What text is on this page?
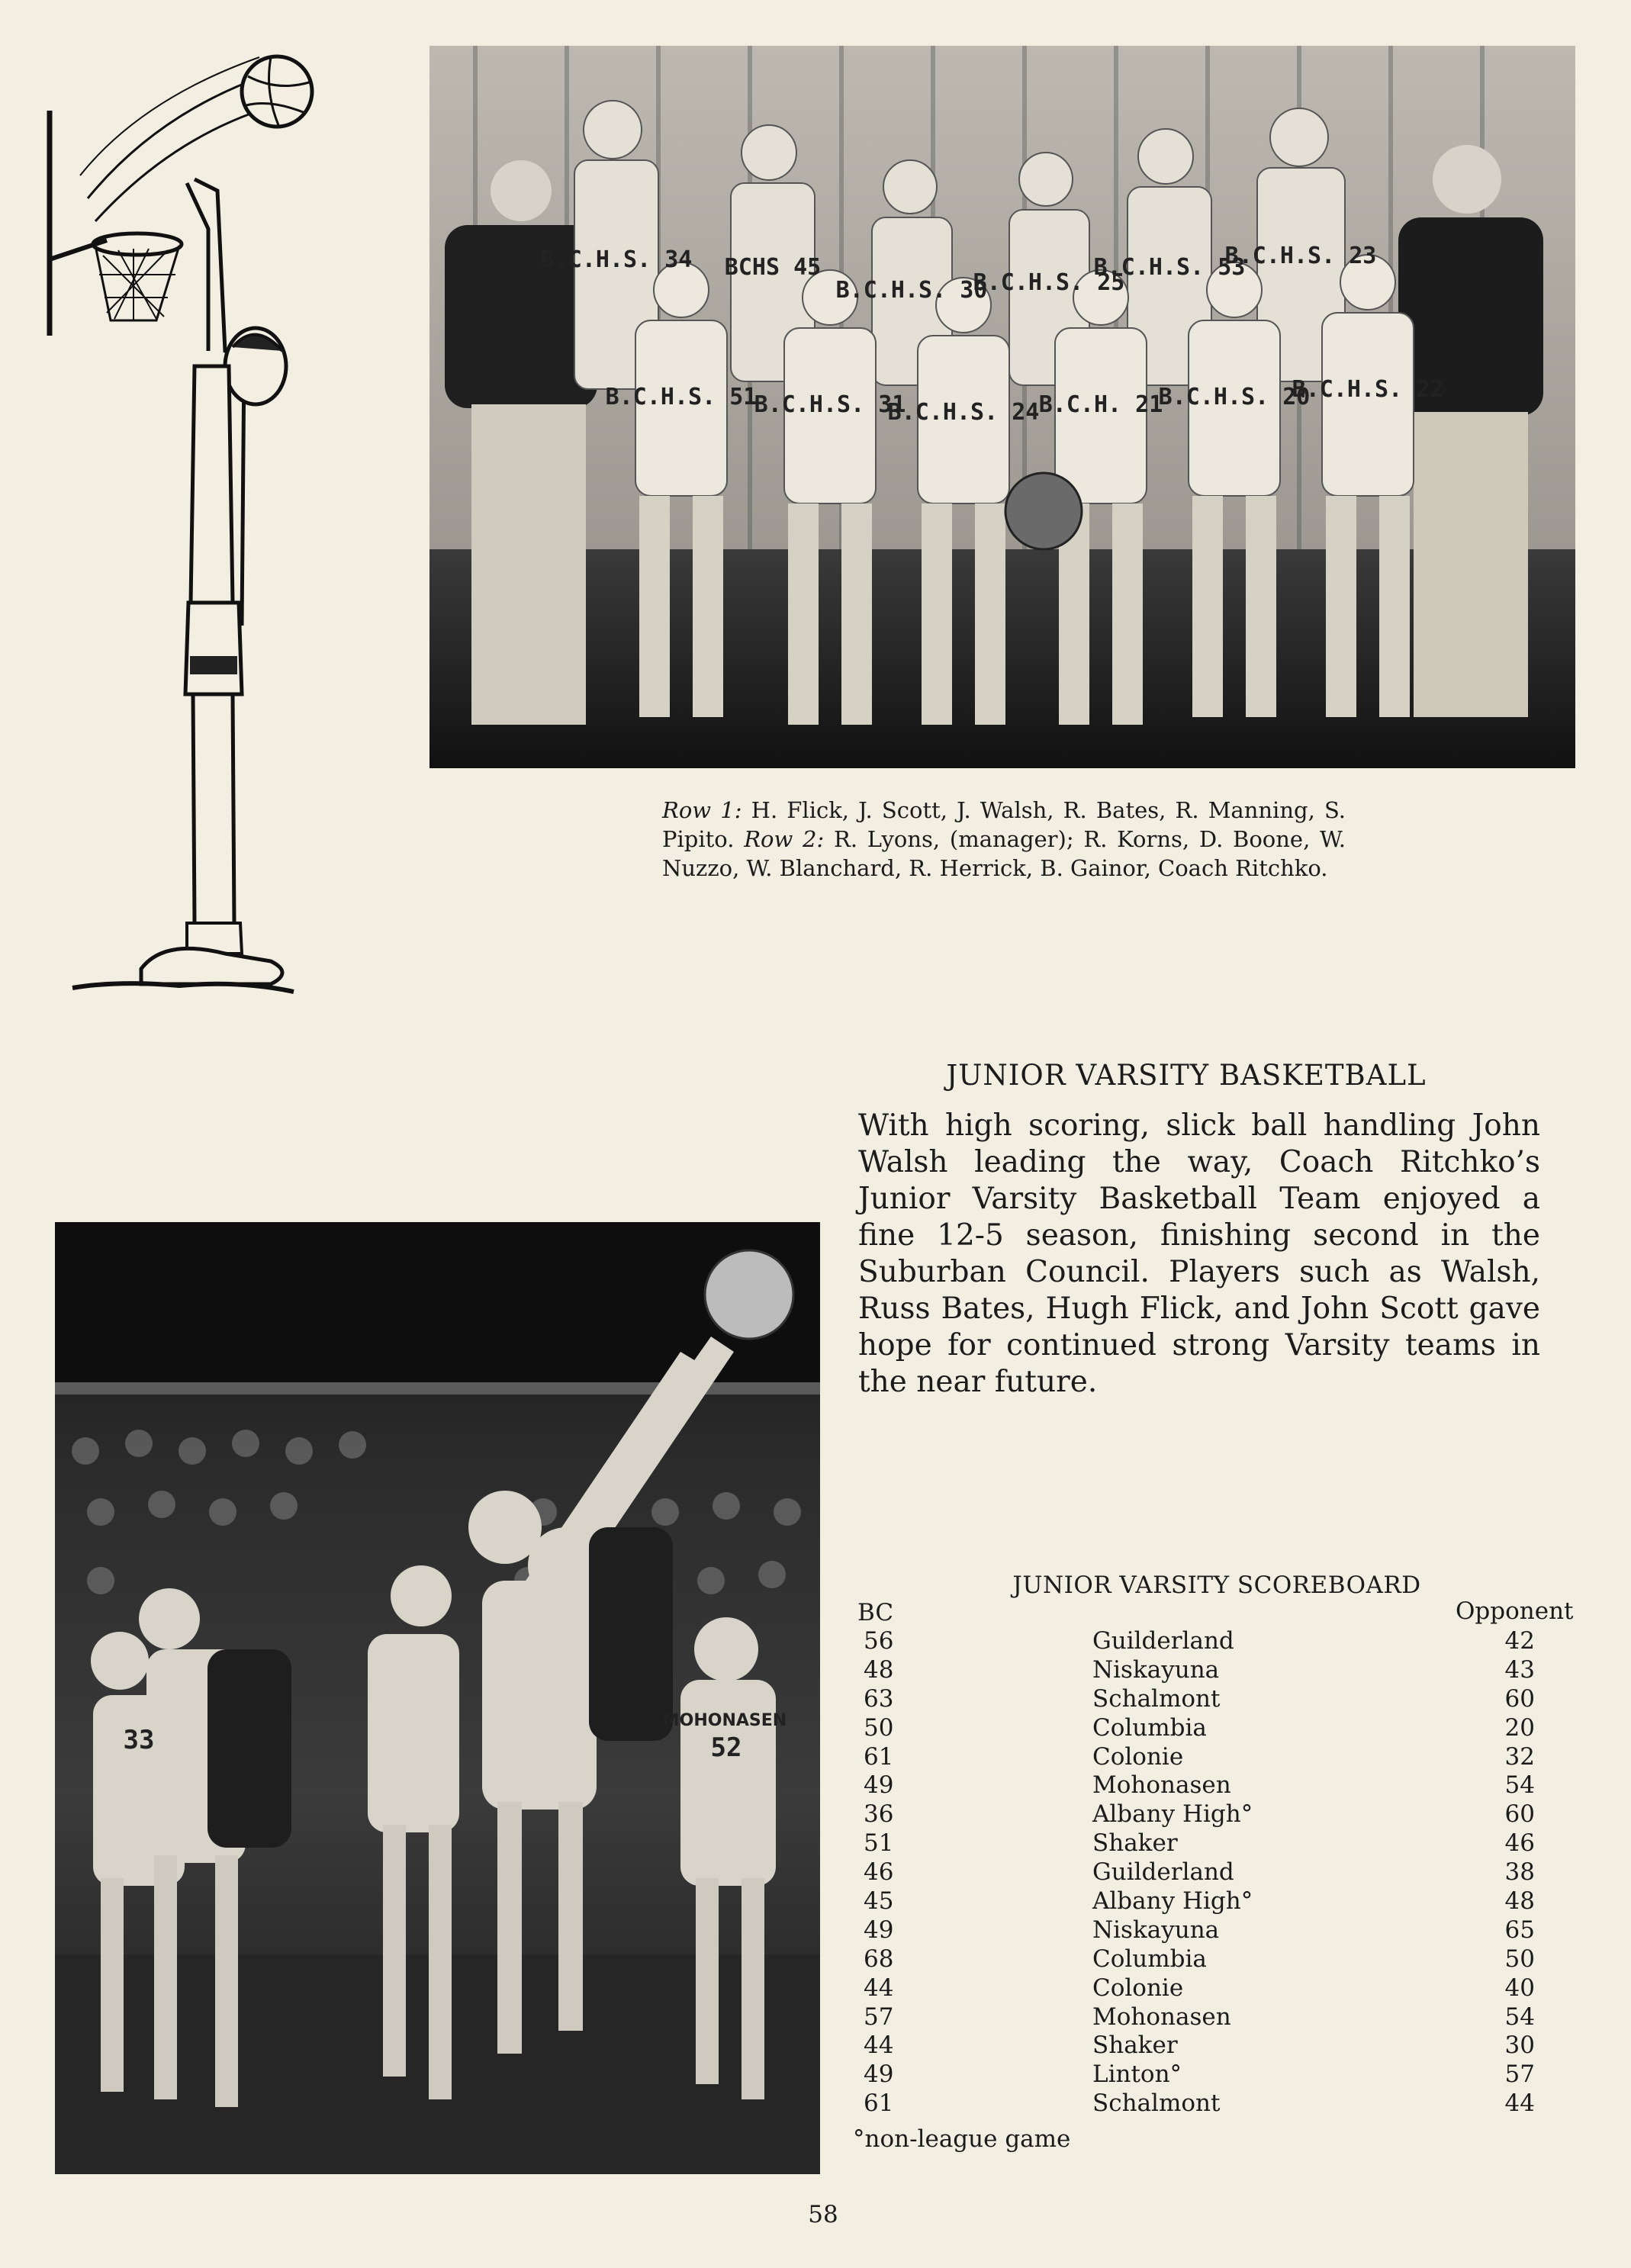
B.C.H.S. 34 BCHS 45
B.C.H.S. 30
B.C.H.S. 25
B.C.H.S. 53
B.C.H.S. 23
B.C.H.S. 51
B.C.H.S. 31
B.C.H.S. 24 B.C.H. 21
B.C.H.S. 20
B.C.H.S. 22
Row 1: H. Flick, J. Scott, J. Walsh, R. Bates, R. Manning, S. Pipito. Row 2: R. Lyons, (manager); R. Korns, D. Boone, W. Nuzzo, W. Blanchard, R. Herrick, B. Gainor, Coach Ritchko.
JUNIOR VARSITY BASKETBALL
With high scoring, slick ball handling John Walsh leading the way, Coach Ritchko’s Junior Varsity Basketball Team enjoyed a fine 12-5 season, finishing second in the Suburban Council. Players such as Walsh, Russ Bates, Hugh Flick, and John Scott gave hope for continued strong Varsity teams in the near future.
33	52
MOHONASEN
JUNIOR VARSITY SCOREBOARD
BC	Opponent
56	Guilderland	42
48	Niskayuna	43
63	Schalmont	60
50	Columbia	20
61	Colonie	32
49	Mohonasen	54
36	Albany High°	60
51	Shaker	46
46	Guilderland	38
45	Albany High°	48
49	Niskayuna	65
68	Columbia	50
44	Colonie	40
57	Mohonasen	54
44	Shaker	30
49	Linton°	57
61	Schalmont	44
°non-league game
58
